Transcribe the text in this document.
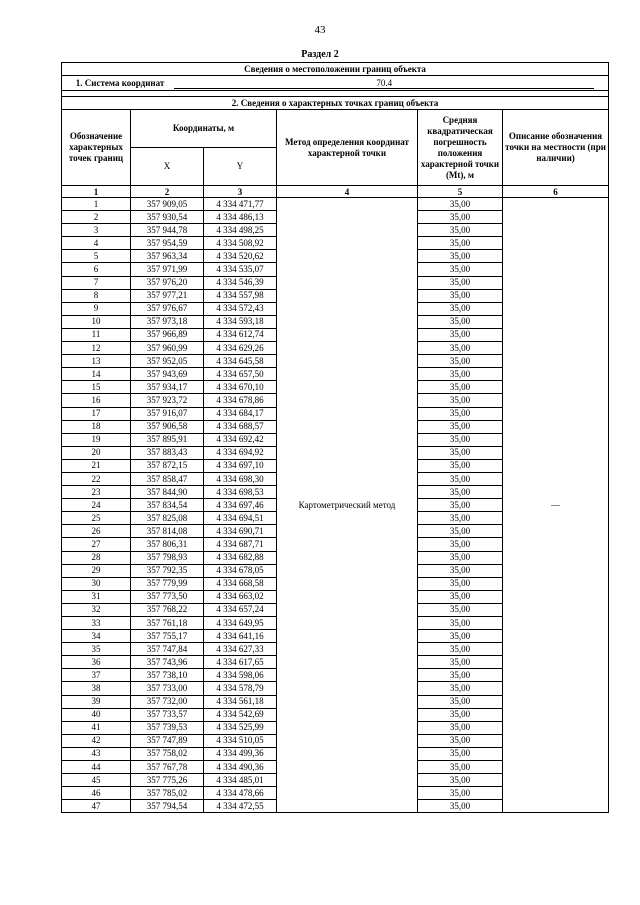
43
Раздел 2
Сведения о местоположении границ объекта					
1. Система координат 70.4					

2. Сведения о характерных точках границ объекта					
Обозначение характерных точек границ	Координаты, м		Метод определения координат характерной точки	Средняя квадратическая погрешность положения характерной точки (Mt), м	Описание обозначения точки на местности (при наличии)
	X	Y			
1	2	3	4	5	6
1	357 909,05	4 334 471,77	Картометрический метод	35,00	—
2	357 930,54	4 334 486,13		35,00	
3	357 944,78	4 334 498,25		35,00	
4	357 954,59	4 334 508,92		35,00	
5	357 963,34	4 334 520,62		35,00	
6	357 971,99	4 334 535,07		35,00	
7	357 976,20	4 334 546,39		35,00	
8	357 977,21	4 334 557,98		35,00	
9	357 976,67	4 334 572,43		35,00	
10	357 973,18	4 334 593,18		35,00	
11	357 966,89	4 334 612,74		35,00	
12	357 960,99	4 334 629,26		35,00	
13	357 952,05	4 334 645,58		35,00	
14	357 943,69	4 334 657,50		35,00	
15	357 934,17	4 334 670,10		35,00	
16	357 923,72	4 334 678,86		35,00	
17	357 916,07	4 334 684,17		35,00	
18	357 906,58	4 334 688,57		35,00	
19	357 895,91	4 334 692,42		35,00	
20	357 883,43	4 334 694,92		35,00	
21	357 872,15	4 334 697,10		35,00	
22	357 858,47	4 334 698,30		35,00	
23	357 844,90	4 334 698,53		35,00	
24	357 834,54	4 334 697,46		35,00	
25	357 825,08	4 334 694,51		35,00	
26	357 814,08	4 334 690,71		35,00	
27	357 806,31	4 334 687,71		35,00	
28	357 798,93	4 334 682,88		35,00	
29	357 792,35	4 334 678,05		35,00	
30	357 779,99	4 334 668,58		35,00	
31	357 773,50	4 334 663,02		35,00	
32	357 768,22	4 334 657,24		35,00	
33	357 761,18	4 334 649,95		35,00	
34	357 755,17	4 334 641,16		35,00	
35	357 747,84	4 334 627,33		35,00	
36	357 743,96	4 334 617,65		35,00	
37	357 738,10	4 334 598,06		35,00	
38	357 733,00	4 334 578,79		35,00	
39	357 732,00	4 334 561,18		35,00	
40	357 733,57	4 334 542,69		35,00	
41	357 739,53	4 334 525,99		35,00	
42	357 747,89	4 334 510,05		35,00	
43	357 758,02	4 334 499,36		35,00	
44	357 767,78	4 334 490,36		35,00	
45	357 775,26	4 334 485,01		35,00	
46	357 785,02	4 334 478,66		35,00	
47	357 794,54	4 334 472,55		35,00	
